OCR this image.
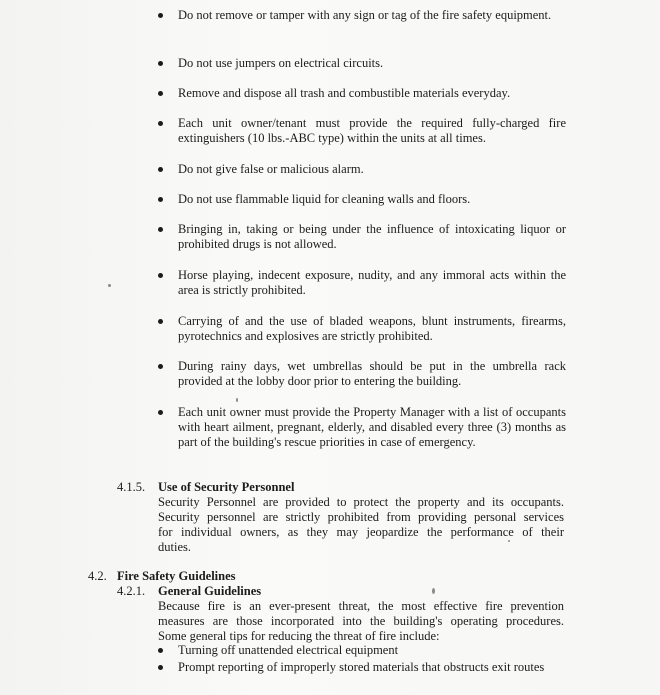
Do not remove or tamper with any sign or tag of the fire safety equipment.
Do not use jumpers on electrical circuits.
Remove and dispose all trash and combustible materials everyday.
Each unit owner/tenant must provide the required fully-charged fire extinguishers (10 lbs.-ABC type) within the units at all times.
Do not give false or malicious alarm.
Do not use flammable liquid for cleaning walls and floors.
Bringing in, taking or being under the influence of intoxicating liquor or prohibited drugs is not allowed.
Horse playing, indecent exposure, nudity, and any immoral acts within the area is strictly prohibited.
Carrying of and the use of bladed weapons, blunt instruments, firearms, pyrotechnics and explosives are strictly prohibited.
During rainy days, wet umbrellas should be put in the umbrella rack provided at the lobby door prior to entering the building.
Each unit owner must provide the Property Manager with a list of occupants with heart ailment, pregnant, elderly, and disabled every three (3) months as part of the building's rescue priorities in case of emergency.
4.1.5. Use of Security Personnel
Security Personnel are provided to protect the property and its occupants.
Security personnel are strictly prohibited from providing personal services
for individual owners, as they may jeopardize the performance of their
duties.
4.2. Fire Safety Guidelines
4.2.1. General Guidelines
Because fire is an ever-present threat, the most effective fire prevention
measures are those incorporated into the building's operating procedures.
Some general tips for reducing the threat of fire include:
Turning off unattended electrical equipment
Prompt reporting of improperly stored materials that obstructs exit routes
